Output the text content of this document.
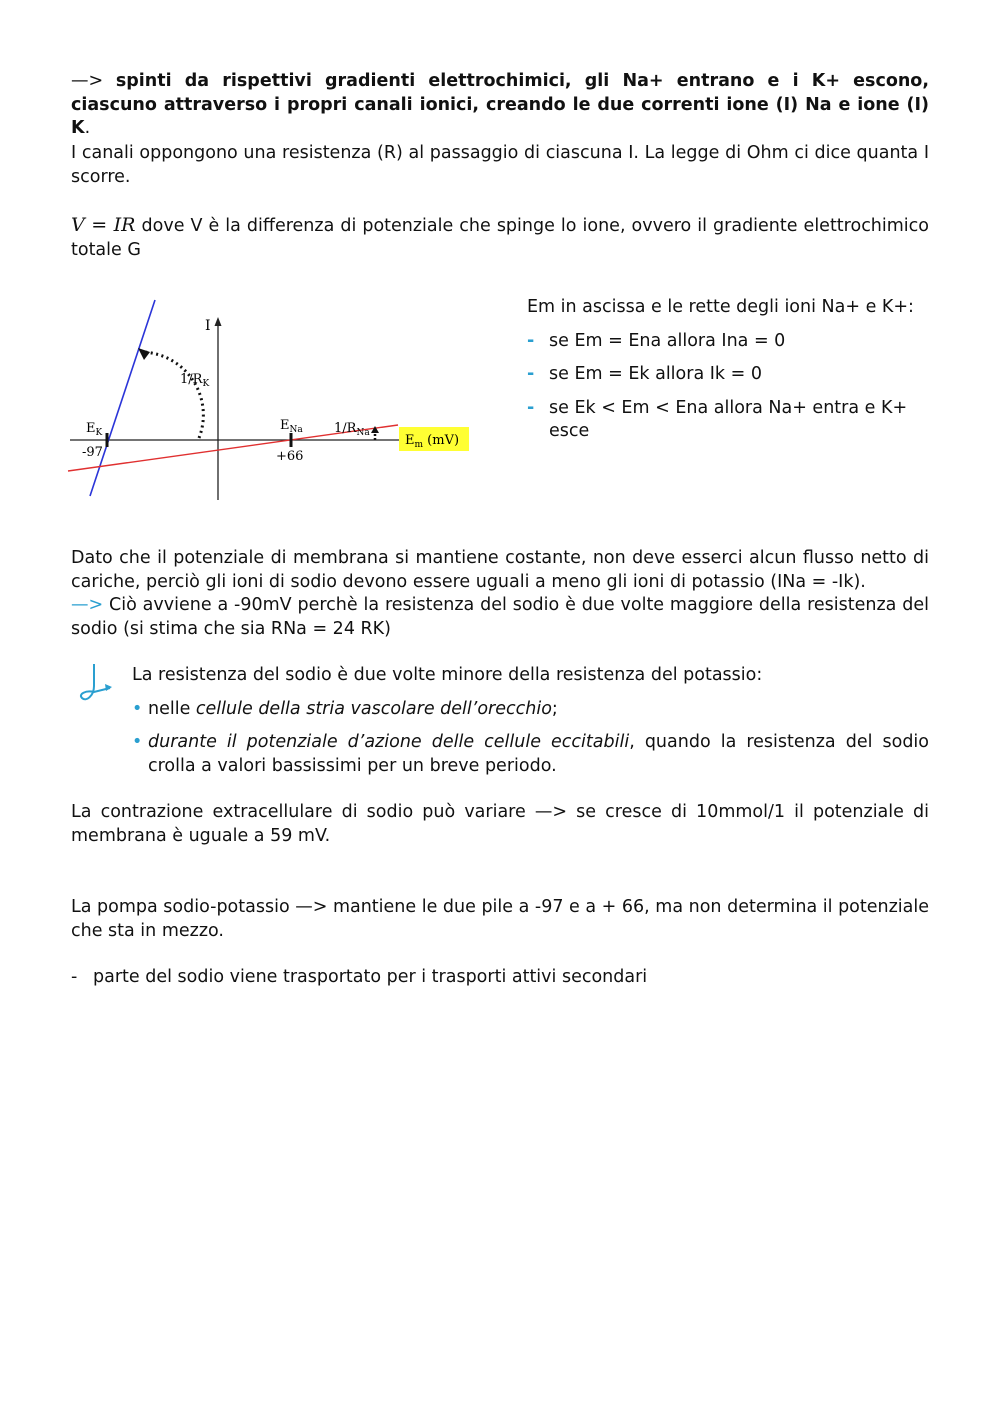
—> spinti da rispettivi gradienti elettrochimici, gli Na+ entrano e i K+ escono, ciascuno attraverso i propri canali ionici, creando le due correnti ione (I) Na e ione (I) K.
I canali oppongono una resistenza (R) al passaggio di ciascuna I. La legge di Ohm ci dice quanta I scorre.
V = IR dove V è la differenza di potenziale che spinge lo ione, ovvero il gradiente elettrochimico totale G
I
$E_K$
-97
$E_{Na}$
+66
$1/R_K$
$1/R_{Na}$	$E_m$ (mV)
Em in ascissa e le rette degli ioni Na+ e K+:
- se Em = Ena allora Ina = 0
- se Em = Ek allora Ik = 0
- se Ek < Em < Ena allora Na+ entra e K+ esce
Dato che il potenziale di membrana si mantiene costante, non deve esserci alcun flusso netto di cariche, perciò gli ioni di sodio devono essere uguali a meno gli ioni di potassio (INa = -Ik).
—> Ciò avviene a -90mV perchè la resistenza del sodio è due volte maggiore della resistenza del sodio (si stima che sia RNa = 24 RK)
La resistenza del sodio è due volte minore della resistenza del potassio:
• nelle cellule della stria vascolare dell’orecchio;
• durante il potenziale d’azione delle cellule eccitabili, quando la resistenza del sodio crolla a valori bassissimi per un breve periodo.
La contrazione extracellulare di sodio può variare —> se cresce di 10mmol/1 il potenziale di membrana è uguale a 59 mV.
La pompa sodio-potassio —> mantiene le due pile a -97 e a + 66, ma non determina il potenziale che sta in mezzo.
- parte del sodio viene trasportato per i trasporti attivi secondari
